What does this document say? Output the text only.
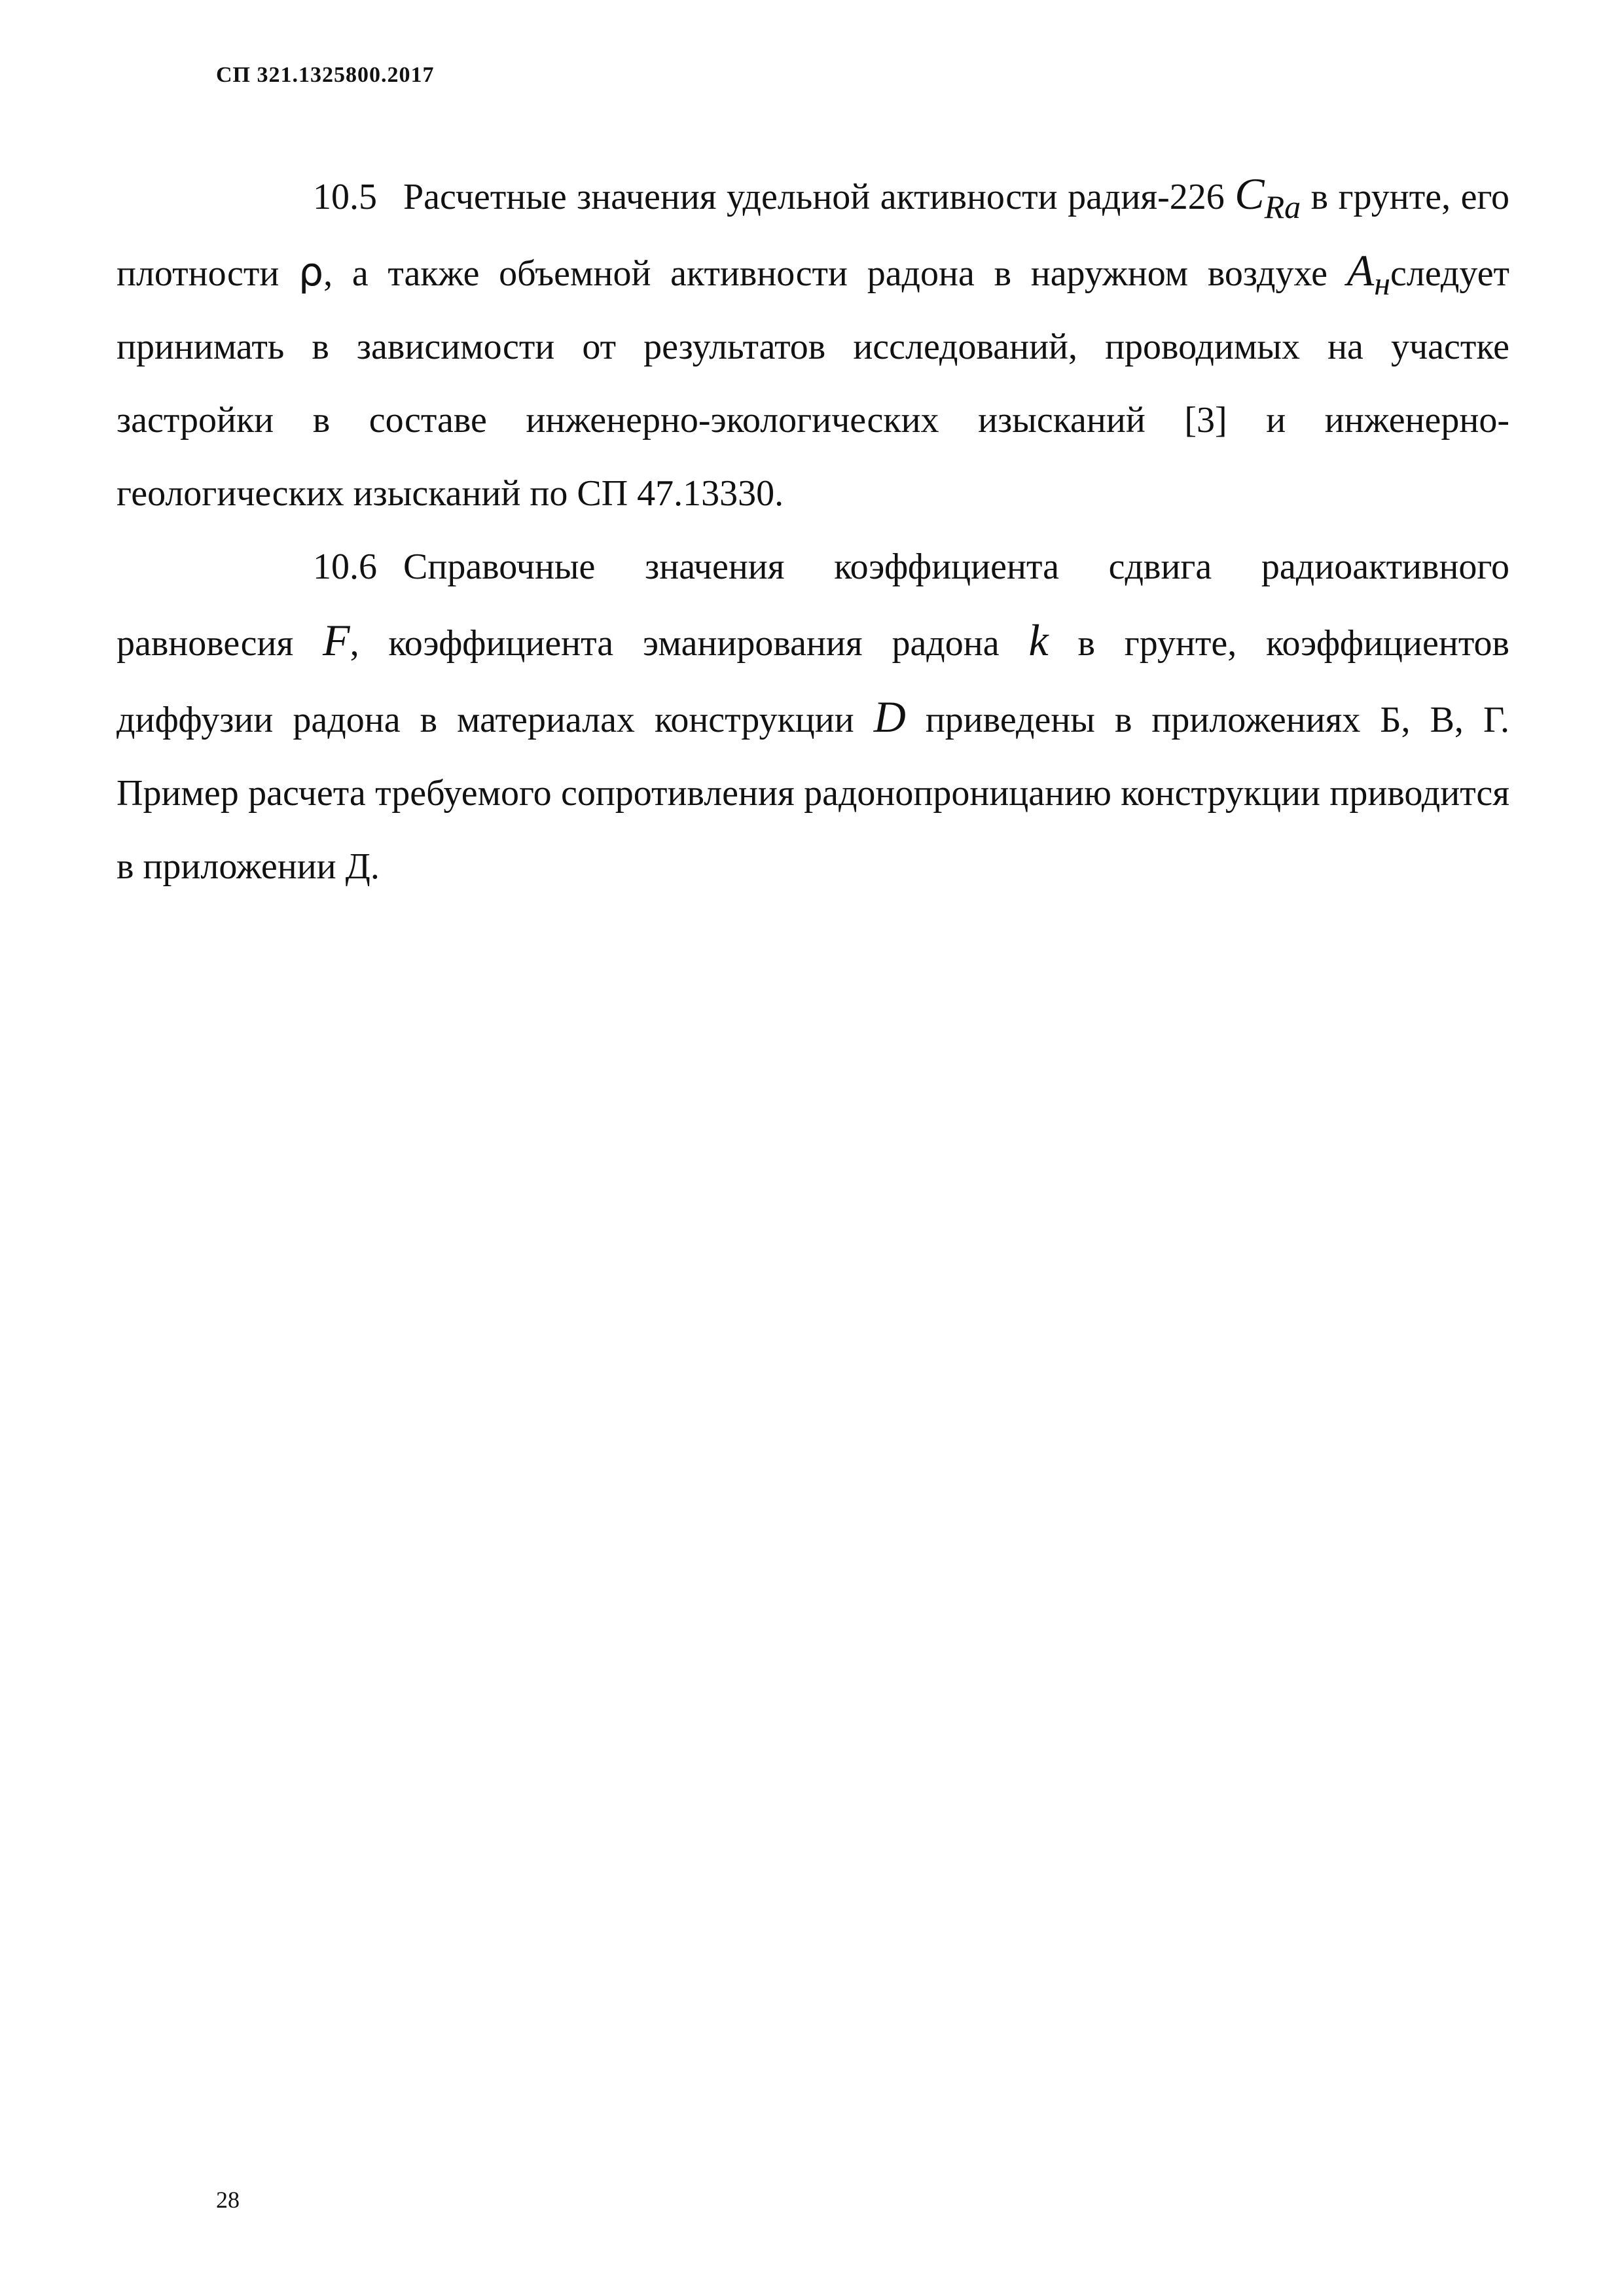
СП 321.1325800.2017

10.5 Расчетные значения удельной активности радия-226 $C_{Ra}$ в грунте, его плотности ρ, а также объемной активности радона в наружном воздухе $A_нследует$ принимать в зависимости от результатов исследований, проводимых на участке застройки в составе инженерно-экологических изысканий [3] и инженерно-геологических изысканий по СП 47.13330.

10.6 Справочные значения коэффициента сдвига радиоактивного равновесия F, коэффициента эманирования радона k в грунте, коэффициентов диффузии радона в материалах конструкции D приведены в приложениях Б, В, Г. Пример расчета требуемого сопротивления радонопроницанию конструкции приводится в приложении Д.

28
